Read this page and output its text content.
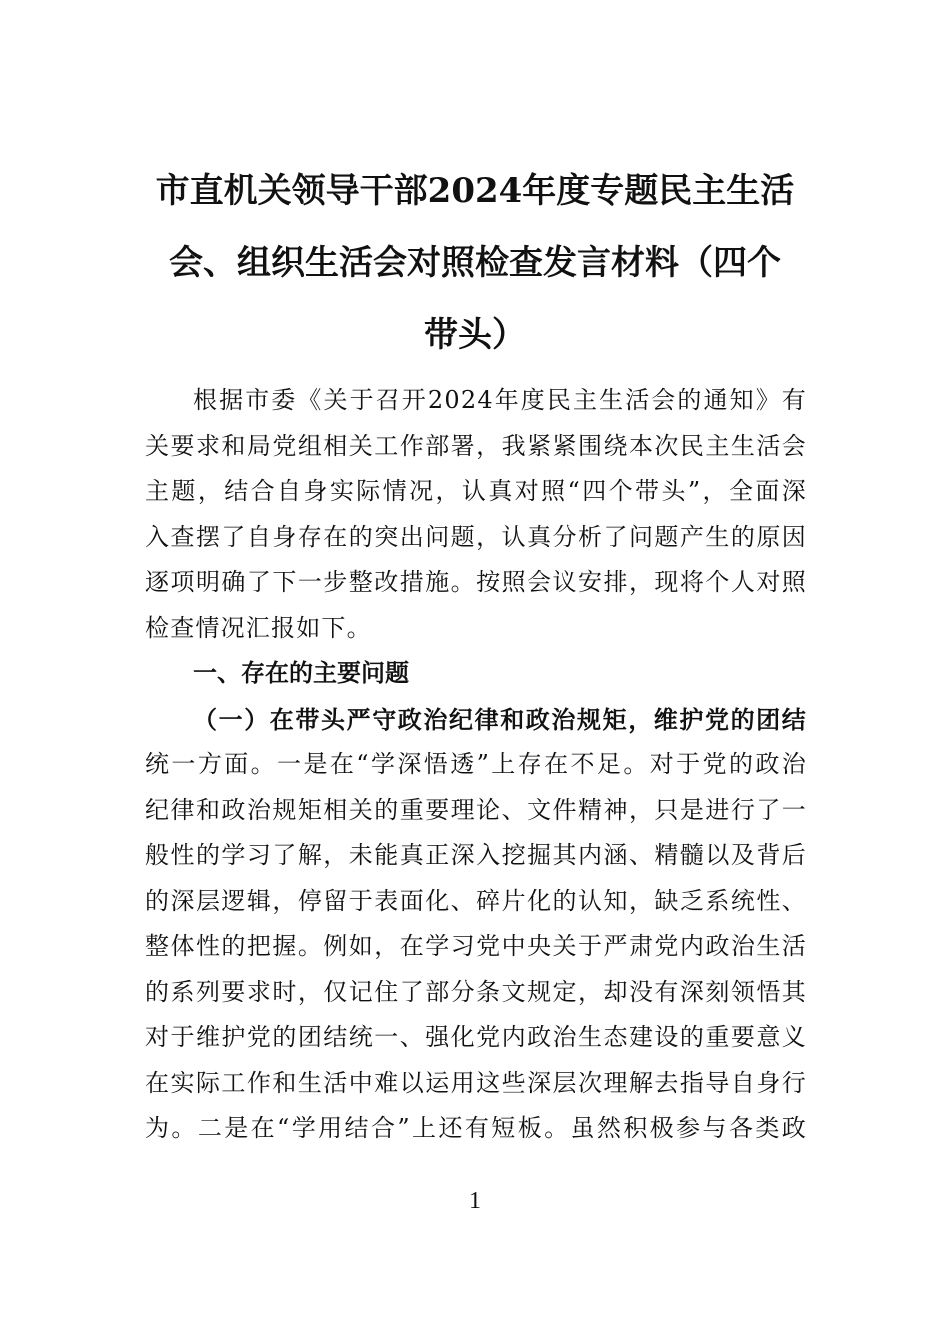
市直机关领导干部2024年度专题民主生活
会、组织生活会对照检查发言材料（四个
带头）
根据市委《关于召开2024年度民主生活会的通知》有
关要求和局党组相关工作部署，我紧紧围绕本次民主生活会
主题，结合自身实际情况，认真对照“四个带头”，全面深
入查摆了自身存在的突出问题，认真分析了问题产生的原因
逐项明确了下一步整改措施。按照会议安排，现将个人对照
检查情况汇报如下。
一、存在的主要问题
（一）在带头严守政治纪律和政治规矩，维护党的团结
统一方面。一是在“学深悟透”上存在不足。对于党的政治
纪律和政治规矩相关的重要理论、文件精神，只是进行了一
般性的学习了解，未能真正深入挖掘其内涵、精髓以及背后
的深层逻辑，停留于表面化、碎片化的认知，缺乏系统性、
整体性的把握。例如，在学习党中央关于严肃党内政治生活
的系列要求时，仅记住了部分条文规定，却没有深刻领悟其
对于维护党的团结统一、强化党内政治生态建设的重要意义
在实际工作和生活中难以运用这些深层次理解去指导自身行
为。二是在“学用结合”上还有短板。虽然积极参与各类政
1
